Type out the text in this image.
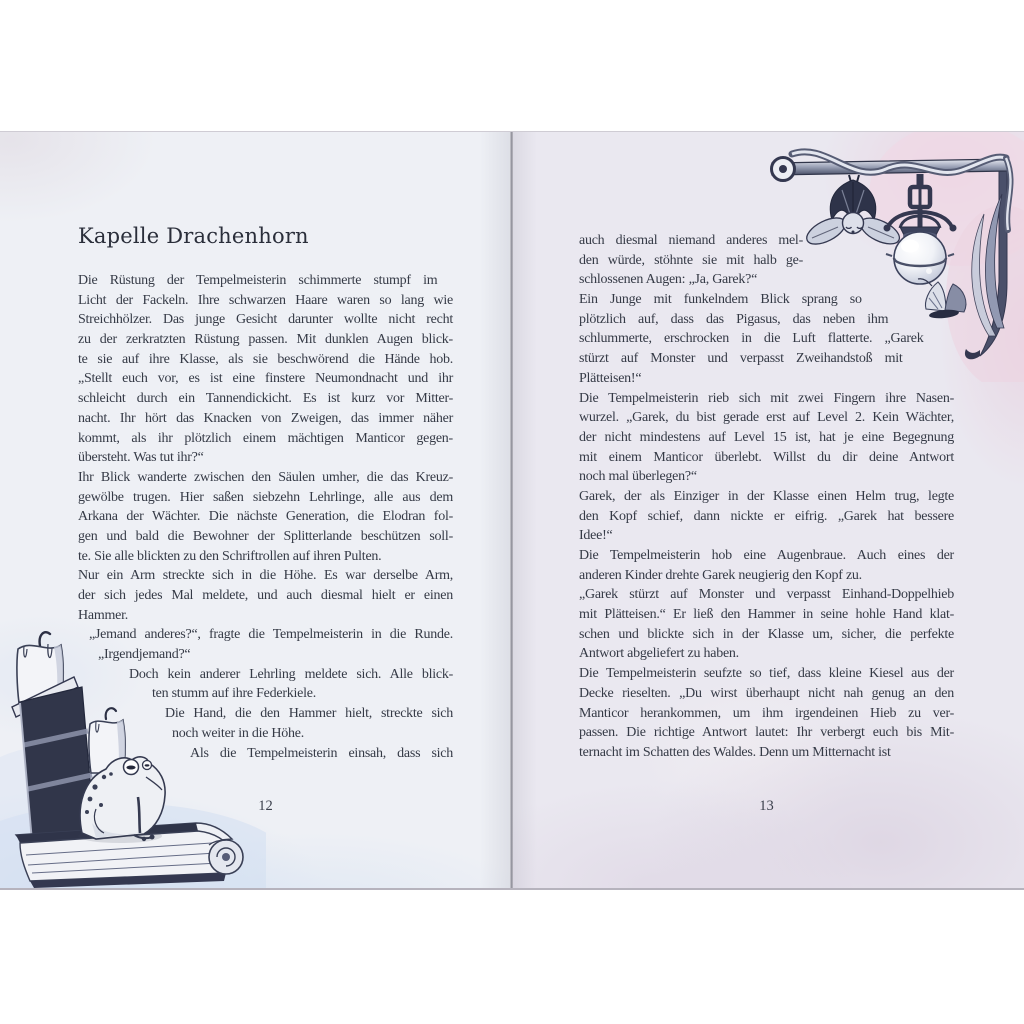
Kapelle Drachenhorn
Die Rüstung der Tempelmeisterin schimmerte stumpf im
Licht der Fackeln. Ihre schwarzen Haare waren so lang wie
Streichhölzer. Das junge Gesicht darunter wollte nicht recht
zu der zerkratzten Rüstung passen. Mit dunklen Augen blick-
te sie auf ihre Klasse, als sie beschwörend die Hände hob.
„Stellt euch vor, es ist eine finstere Neumondnacht und ihr
schleicht durch ein Tannendickicht. Es ist kurz vor Mitter-
nacht. Ihr hört das Knacken von Zweigen, das immer näher
kommt, als ihr plötzlich einem mächtigen Manticor gegen-
übersteht. Was tut ihr?“
Ihr Blick wanderte zwischen den Säulen umher, die das Kreuz-
gewölbe trugen. Hier saßen siebzehn Lehrlinge, alle aus dem
Arkana der Wächter. Die nächste Generation, die Elodran fol-
gen und bald die Bewohner der Splitterlande beschützen soll-
te. Sie alle blickten zu den Schriftrollen auf ihren Pulten.
Nur ein Arm streckte sich in die Höhe. Es war derselbe Arm,
der sich jedes Mal meldete, und auch diesmal hielt er einen
Hammer.
„Jemand anderes?“, fragte die Tempelmeisterin in die Runde.
„Irgendjemand?“
Doch kein anderer Lehrling meldete sich. Alle blick-
ten stumm auf ihre Federkiele.
Die Hand, die den Hammer hielt, streckte sich
noch weiter in die Höhe.
Als die Tempelmeisterin einsah, dass sich
12
auch diesmal niemand anderes mel-
den würde, stöhnte sie mit halb ge-
schlossenen Augen: „Ja, Garek?“
Ein Junge mit funkelndem Blick sprang so
plötzlich auf, dass das Pigasus, das neben ihm
schlummerte, erschrocken in die Luft flatterte. „Garek
stürzt auf Monster und verpasst Zweihandstoß mit
Plätteisen!“
Die Tempelmeisterin rieb sich mit zwei Fingern ihre Nasen-
wurzel. „Garek, du bist gerade erst auf Level 2. Kein Wächter,
der nicht mindestens auf Level 15 ist, hat je eine Begegnung
mit einem Manticor überlebt. Willst du dir deine Antwort
noch mal überlegen?“
Garek, der als Einziger in der Klasse einen Helm trug, legte
den Kopf schief, dann nickte er eifrig. „Garek hat bessere
Idee!“
Die Tempelmeisterin hob eine Augenbraue. Auch eines der
anderen Kinder drehte Garek neugierig den Kopf zu.
„Garek stürzt auf Monster und verpasst Einhand-Doppelhieb
mit Plätteisen.“ Er ließ den Hammer in seine hohle Hand klat-
schen und blickte sich in der Klasse um, sicher, die perfekte
Antwort abgeliefert zu haben.
Die Tempelmeisterin seufzte so tief, dass kleine Kiesel aus der
Decke rieselten. „Du wirst überhaupt nicht nah genug an den
Manticor herankommen, um ihm irgendeinen Hieb zu ver-
passen. Die richtige Antwort lautet: Ihr verbergt euch bis Mit-
ternacht im Schatten des Waldes. Denn um Mitternacht ist
13
